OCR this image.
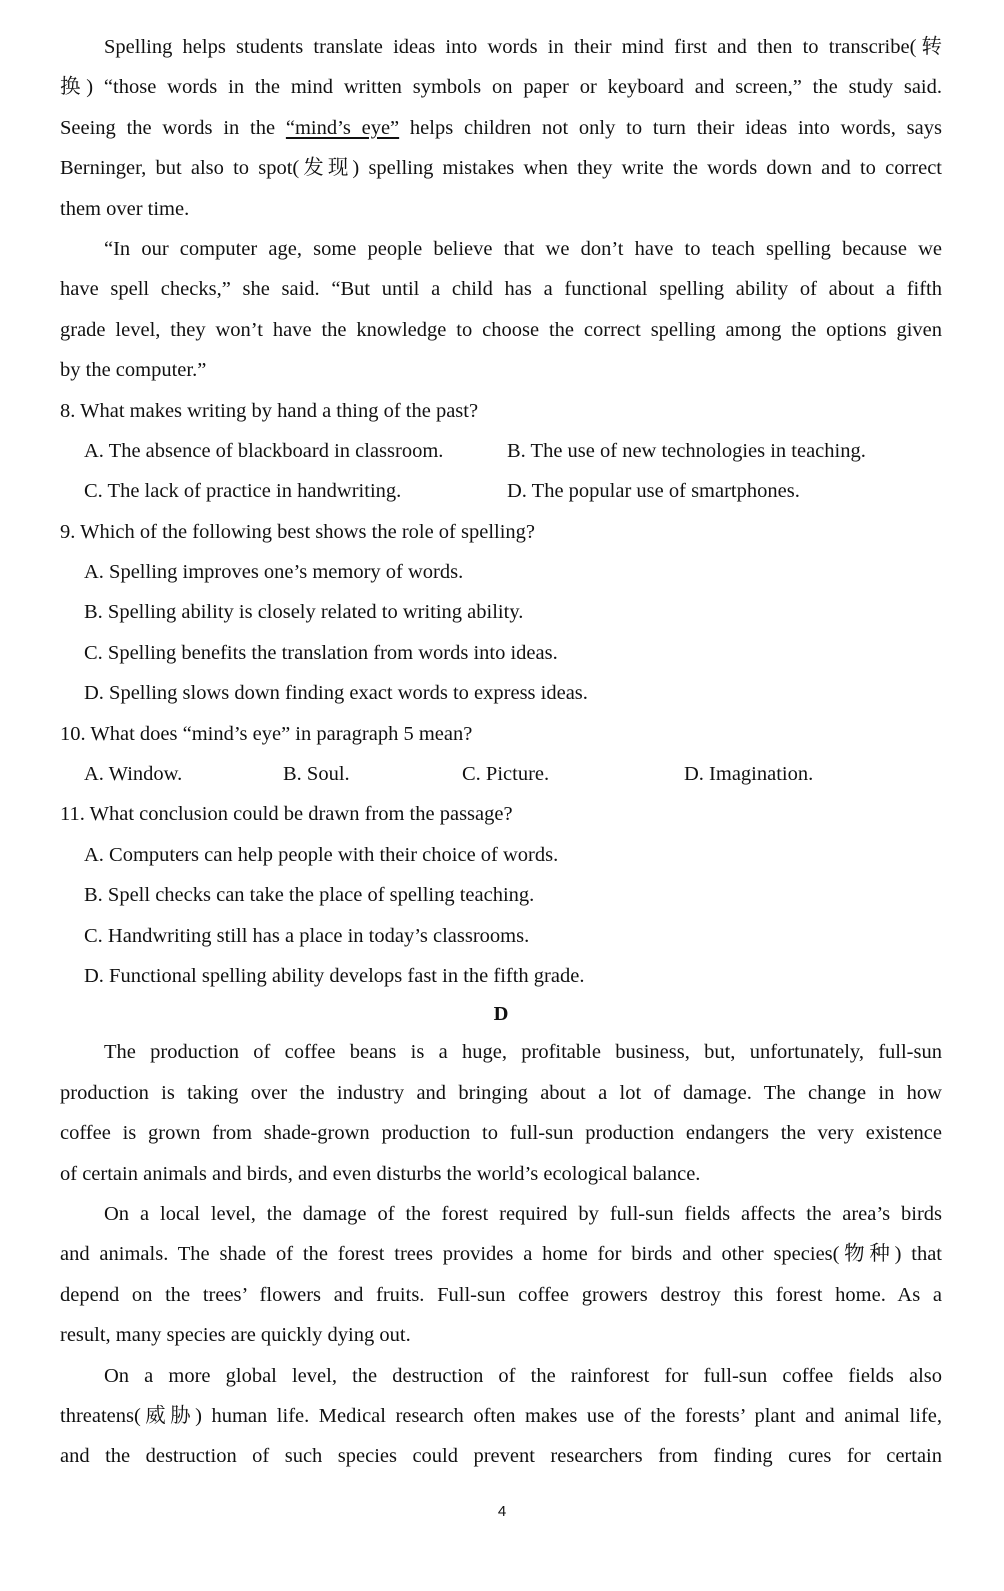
Spelling helps students translate ideas into words in their mind first and then to transcribe(转
换) “those words in the mind written symbols on paper or keyboard and screen,” the study said.
Seeing the words in the “mind’s eye” helps children not only to turn their ideas into words, says
Berninger, but also to spot(发现) spelling mistakes when they write the words down and to correct
them over time.
“In our computer age, some people believe that we don’t have to teach spelling because we
have spell checks,” she said. “But until a child has a functional spelling ability of about a fifth
grade level, they won’t have the knowledge to choose the correct spelling among the options given
by the computer.”
8. What makes writing by hand a thing of the past?
A. The absence of blackboard in classroom.	B. The use of new technologies in teaching.
C. The lack of practice in handwriting.	D. The popular use of smartphones.
9. Which of the following best shows the role of spelling?
A. Spelling improves one’s memory of words.
B. Spelling ability is closely related to writing ability.
C. Spelling benefits the translation from words into ideas.
D. Spelling slows down finding exact words to express ideas.
10. What does “mind’s eye” in paragraph 5 mean?
A. Window.	B. Soul.	C. Picture.	D. Imagination.
11. What conclusion could be drawn from the passage?
A. Computers can help people with their choice of words.
B. Spell checks can take the place of spelling teaching.
C. Handwriting still has a place in today’s classrooms.
D. Functional spelling ability develops fast in the fifth grade.
D
The production of coffee beans is a huge, profitable business, but, unfortunately, full-sun
production is taking over the industry and bringing about a lot of damage. The change in how
coffee is grown from shade-grown production to full-sun production endangers the very existence
of certain animals and birds, and even disturbs the world’s ecological balance.
On a local level, the damage of the forest required by full-sun fields affects the area’s birds
and animals. The shade of the forest trees provides a home for birds and other species(物种) that
depend on the trees’ flowers and fruits. Full-sun coffee growers destroy this forest home. As a
result, many species are quickly dying out.
On a more global level, the destruction of the rainforest for full-sun coffee fields also
threatens(威胁) human life. Medical research often makes use of the forests’ plant and animal life,
and the destruction of such species could prevent researchers from finding cures for certain
4
